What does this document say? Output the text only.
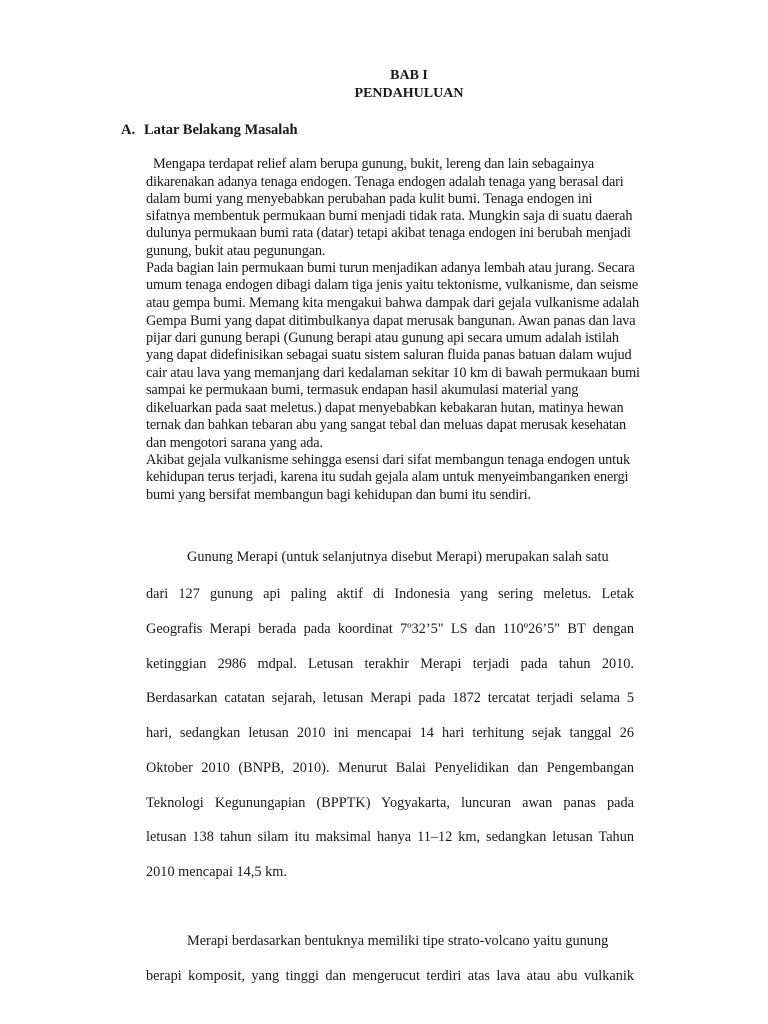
BAB I
PENDAHULUAN
A. Latar Belakang Masalah
Mengapa terdapat relief alam berupa gunung, bukit, lereng dan lain sebagainya
dikarenakan adanya tenaga endogen. Tenaga endogen adalah tenaga yang berasal dari
dalam bumi yang menyebabkan perubahan pada kulit bumi. Tenaga endogen ini
sifatnya membentuk permukaan bumi menjadi tidak rata. Mungkin saja di suatu daerah
dulunya permukaan bumi rata (datar) tetapi akibat tenaga endogen ini berubah menjadi
gunung, bukit atau pegunungan.
Pada bagian lain permukaan bumi turun menjadikan adanya lembah atau jurang. Secara
umum tenaga endogen dibagi dalam tiga jenis yaitu tektonisme, vulkanisme, dan seisme
atau gempa bumi. Memang kita mengakui bahwa dampak dari gejala vulkanisme adalah
Gempa Bumi yang dapat ditimbulkanya dapat merusak bangunan. Awan panas dan lava
pijar dari gunung berapi (Gunung berapi atau gunung api secara umum adalah istilah
yang dapat didefinisikan sebagai suatu sistem saluran fluida panas batuan dalam wujud
cair atau lava yang memanjang dari kedalaman sekitar 10 km di bawah permukaan bumi
sampai ke permukaan bumi, termasuk endapan hasil akumulasi material yang
dikeluarkan pada saat meletus.) dapat menyebabkan kebakaran hutan, matinya hewan
ternak dan bahkan tebaran abu yang sangat tebal dan meluas dapat merusak kesehatan
dan mengotori sarana yang ada.
Akibat gejala vulkanisme sehingga esensi dari sifat membangun tenaga endogen untuk
kehidupan terus terjadi, karena itu sudah gejala alam untuk menyeimbanganken energi
bumi yang bersifat membangun bagi kehidupan dan bumi itu sendiri.
Gunung Merapi (untuk selanjutnya disebut Merapi) merupakan salah satu
dari 127 gunung api paling aktif di Indonesia yang sering meletus. Letak
Geografis Merapi berada pada koordinat 7º32’5" LS dan 110º26’5" BT dengan
ketinggian 2986 mdpal. Letusan terakhir Merapi terjadi pada tahun 2010.
Berdasarkan catatan sejarah, letusan Merapi pada 1872 tercatat terjadi selama 5
hari, sedangkan letusan 2010 ini mencapai 14 hari terhitung sejak tanggal 26
Oktober 2010 (BNPB, 2010). Menurut Balai Penyelidikan dan Pengembangan
Teknologi Kegunungapian (BPPTK) Yogyakarta, luncuran awan panas pada
letusan 138 tahun silam itu maksimal hanya 11–12 km, sedangkan letusan Tahun
2010 mencapai 14,5 km.
Merapi berdasarkan bentuknya memiliki tipe strato-volcano yaitu gunung
berapi komposit, yang tinggi dan mengerucut terdiri atas lava atau abu vulkanik
